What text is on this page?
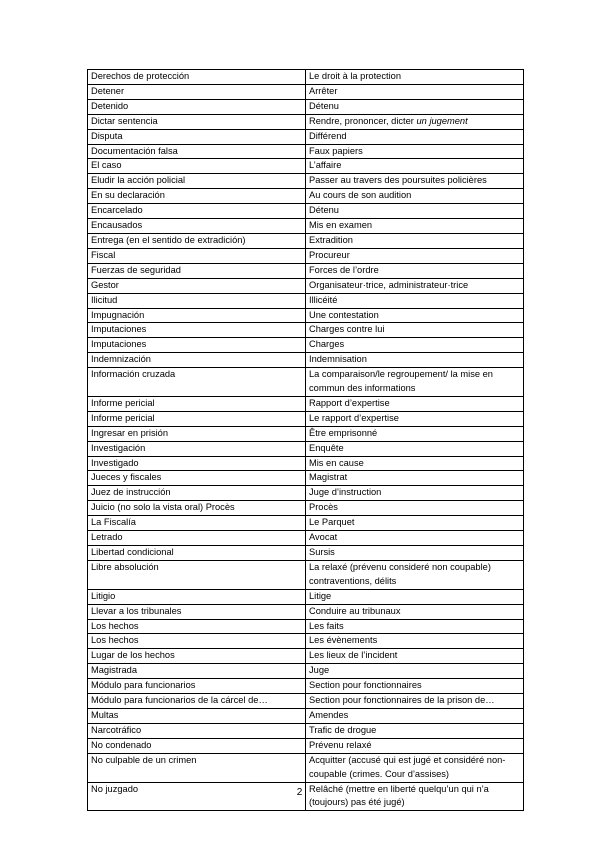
Derechos de protección	Le droit à la protection
Detener	Arrêter
Detenido	Détenu
Dictar sentencia	Rendre, prononcer, dicter un jugement
Disputa	Différend
Documentación falsa	Faux papiers
El caso	L’affaire
Eludir la acción policial	Passer au travers des poursuites policières
En su declaración	Au cours de son audition
Encarcelado	Détenu
Encausados	Mis en examen
Entrega (en el sentido de extradición)	Extradition
Fiscal	Procureur
Fuerzas de seguridad	Forces de l’ordre
Gestor	Organisateur·trice, administrateur·trice
Ilicitud	Illicéité
Impugnación	Une contestation
Imputaciones	Charges contre lui
Imputaciones	Charges
Indemnización	Indemnisation
Información cruzada	La comparaison/le regroupement/ la mise en commun des informations
Informe pericial	Rapport d’expertise
Informe pericial	Le rapport d’expertise
Ingresar en prisión	Être emprisonné
Investigación	Enquête
Investigado	Mis en cause
Jueces y fiscales	Magistrat
Juez de instrucción	Juge d’instruction
Juicio (no solo la vista oral) Procès	Procès
La Fiscalía	Le Parquet
Letrado	Avocat
Libertad condicional	Sursis
Libre absolución	La relaxé (prévenu consideré non coupable) contraventions, délits
Litigio	Litige
Llevar a los tribunales	Conduire au tribunaux
Los hechos	Les faits
Los hechos	Les évènements
Lugar de los hechos	Les lieux de l’incident
Magistrada	Juge
Módulo para funcionarios	Section pour fonctionnaires
Módulo para funcionarios de la cárcel de…	Section pour fonctionnaires de la prison de…
Multas	Amendes
Narcotráfico	Trafic de drogue
No condenado	Prévenu relaxé
No culpable de un crimen	Acquitter (accusé qui est jugé et considéré non-coupable (crimes. Cour d’assises)
No juzgado	Relâché (mettre en liberté quelqu’un qui n’a (toujours) pas été jugé)
2
